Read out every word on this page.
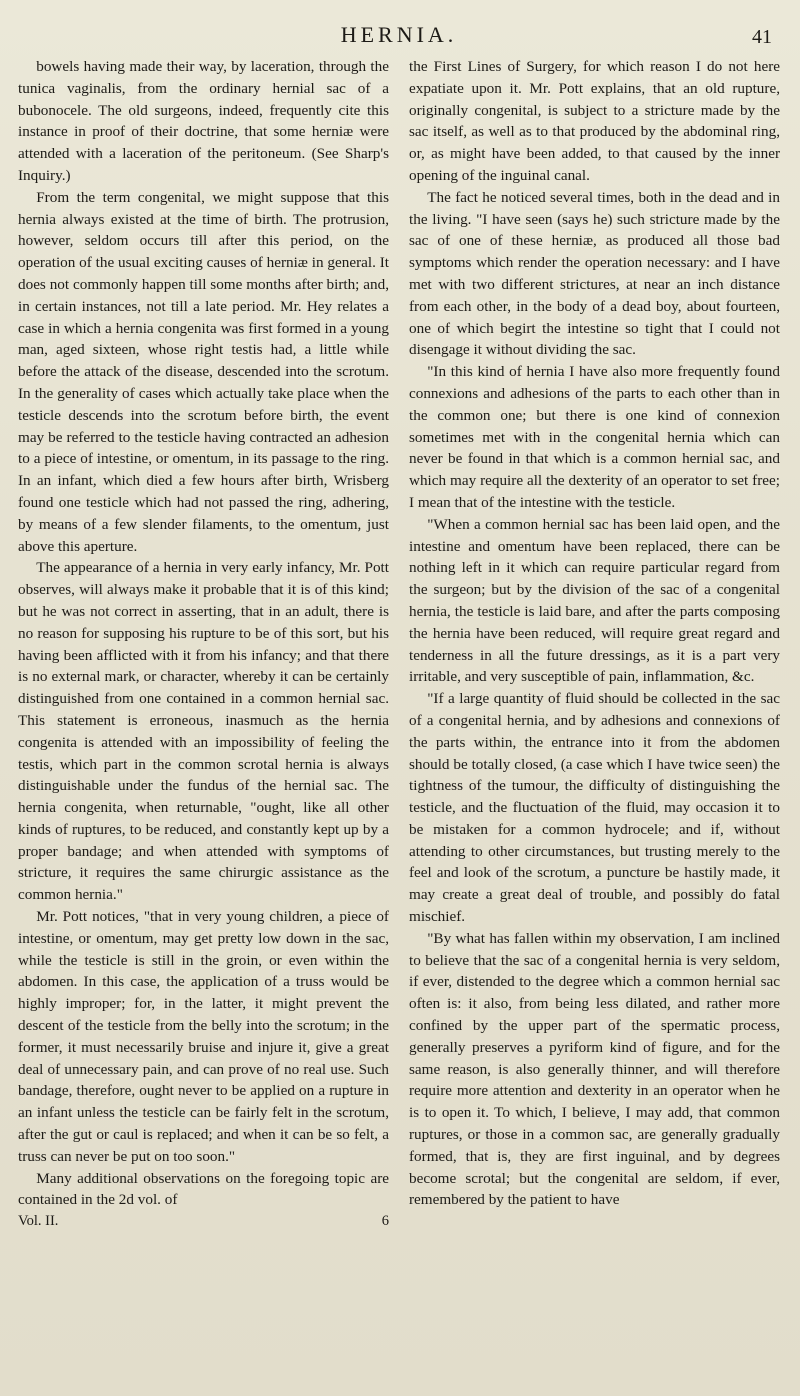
HERNIA.	41

bowels having made their way, by laceration, through the tunica vaginalis, from the ordinary hernial sac of a bubonocele. The old surgeons, indeed, frequently cite this instance in proof of their doctrine, that some herniæ were attended with a laceration of the peritoneum. (See Sharp's Inquiry.)

From the term congenital, we might suppose that this hernia always existed at the time of birth. The protrusion, however, seldom occurs till after this period, on the operation of the usual exciting causes of herniæ in general. It does not commonly happen till some months after birth; and, in certain instances, not till a late period. Mr. Hey relates a case in which a hernia congenita was first formed in a young man, aged sixteen, whose right testis had, a little while before the attack of the disease, descended into the scrotum. In the generality of cases which actually take place when the testicle descends into the scrotum before birth, the event may be referred to the testicle having contracted an adhesion to a piece of intestine, or omentum, in its passage to the ring. In an infant, which died a few hours after birth, Wrisberg found one testicle which had not passed the ring, adhering, by means of a few slender filaments, to the omentum, just above this aperture.

The appearance of a hernia in very early infancy, Mr. Pott observes, will always make it probable that it is of this kind; but he was not correct in asserting, that in an adult, there is no reason for supposing his rupture to be of this sort, but his having been afflicted with it from his infancy; and that there is no external mark, or character, whereby it can be certainly distinguished from one contained in a common hernial sac. This statement is erroneous, inasmuch as the hernia congenita is attended with an impossibility of feeling the testis, which part in the common scrotal hernia is always distinguishable under the fundus of the hernial sac. The hernia congenita, when returnable, "ought, like all other kinds of ruptures, to be reduced, and constantly kept up by a proper bandage; and when attended with symptoms of stricture, it requires the same chirurgic assistance as the common hernia."

Mr. Pott notices, "that in very young children, a piece of intestine, or omentum, may get pretty low down in the sac, while the testicle is still in the groin, or even within the abdomen. In this case, the application of a truss would be highly improper; for, in the latter, it might prevent the descent of the testicle from the belly into the scrotum; in the former, it must necessarily bruise and injure it, give a great deal of unnecessary pain, and can prove of no real use. Such bandage, therefore, ought never to be applied on a rupture in an infant unless the testicle can be fairly felt in the scrotum, after the gut or caul is replaced; and when it can be so felt, a truss can never be put on too soon."

Many additional observations on the foregoing topic are contained in the 2d vol. of

Vol. II.	6

the First Lines of Surgery, for which reason I do not here expatiate upon it. Mr. Pott explains, that an old rupture, originally congenital, is subject to a stricture made by the sac itself, as well as to that produced by the abdominal ring, or, as might have been added, to that caused by the inner opening of the inguinal canal.

The fact he noticed several times, both in the dead and in the living. "I have seen (says he) such stricture made by the sac of one of these herniæ, as produced all those bad symptoms which render the operation necessary: and I have met with two different strictures, at near an inch distance from each other, in the body of a dead boy, about fourteen, one of which begirt the intestine so tight that I could not disengage it without dividing the sac.

"In this kind of hernia I have also more frequently found connexions and adhesions of the parts to each other than in the common one; but there is one kind of connexion sometimes met with in the congenital hernia which can never be found in that which is a common hernial sac, and which may require all the dexterity of an operator to set free; I mean that of the intestine with the testicle.

"When a common hernial sac has been laid open, and the intestine and omentum have been replaced, there can be nothing left in it which can require particular regard from the surgeon; but by the division of the sac of a congenital hernia, the testicle is laid bare, and after the parts composing the hernia have been reduced, will require great regard and tenderness in all the future dressings, as it is a part very irritable, and very susceptible of pain, inflammation, &c.

"If a large quantity of fluid should be collected in the sac of a congenital hernia, and by adhesions and connexions of the parts within, the entrance into it from the abdomen should be totally closed, (a case which I have twice seen) the tightness of the tumour, the difficulty of distinguishing the testicle, and the fluctuation of the fluid, may occasion it to be mistaken for a common hydrocele; and if, without attending to other circumstances, but trusting merely to the feel and look of the scrotum, a puncture be hastily made, it may create a great deal of trouble, and possibly do fatal mischief.

"By what has fallen within my observation, I am inclined to believe that the sac of a congenital hernia is very seldom, if ever, distended to the degree which a common hernial sac often is: it also, from being less dilated, and rather more confined by the upper part of the spermatic process, generally preserves a pyriform kind of figure, and for the same reason, is also generally thinner, and will therefore require more attention and dexterity in an operator when he is to open it. To which, I believe, I may add, that common ruptures, or those in a common sac, are generally gradually formed, that is, they are first inguinal, and by degrees become scrotal; but the congenital are seldom, if ever, remembered by the patient to have
